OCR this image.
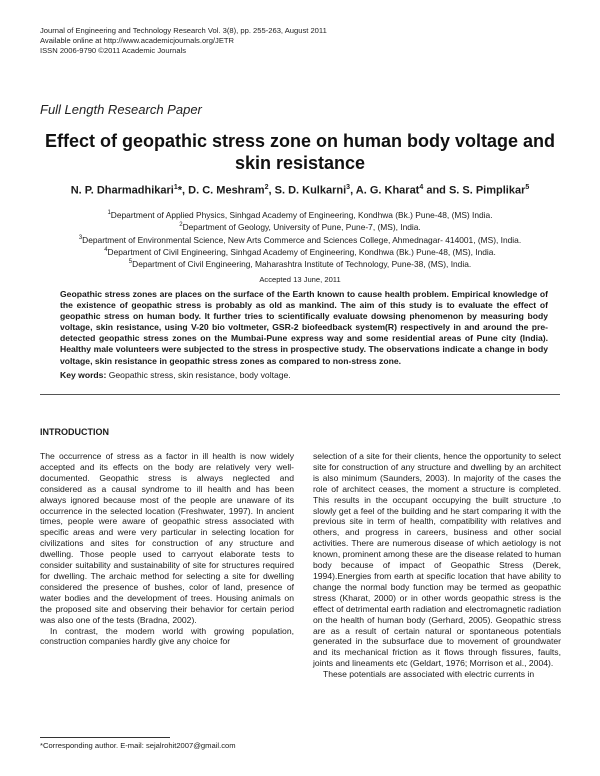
Journal of Engineering and Technology Research Vol. 3(8), pp. 255-263, August 2011
Available online at http://www.academicjournals.org/JETR
ISSN 2006-9790 ©2011 Academic Journals
Full Length Research Paper
Effect of geopathic stress zone on human body voltage and skin resistance
N. P. Dharmadhikari$^1$*, D. C. Meshram$^2$, S. D. Kulkarni$^3$, A. G. Kharat$^4$ and S. S. Pimplikar$^5$
$^1$Department of Applied Physics, Sinhgad Academy of Engineering, Kondhwa (Bk.) Pune-48, (MS) India.
$^2$Department of Geology, University of Pune, Pune-7, (MS), India.
$^3$Department of Environmental Science, New Arts Commerce and Sciences College, Ahmednagar- 414001, (MS), India.
$^4$Department of Civil Engineering, Sinhgad Academy of Engineering, Kondhwa (Bk.) Pune-48, (MS), India.
$^5$Department of Civil Engineering, Maharashtra Institute of Technology, Pune-38, (MS), India.
Accepted 13 June, 2011
Geopathic stress zones are places on the surface of the Earth known to cause health problem. Empirical knowledge of the existence of geopathic stress is probably as old as mankind. The aim of this study is to evaluate the effect of geopathic stress on human body. It further tries to scientifically evaluate dowsing phenomenon by measuring body voltage, skin resistance, using V-20 bio voltmeter, GSR-2 biofeedback system(R) respectively in and around the pre-detected geopathic stress zones on the Mumbai-Pune express way and some residential areas of Pune city (India). Healthy male volunteers were subjected to the stress in prospective study. The observations indicate a change in body voltage, skin resistance in geopathic stress zones as compared to non-stress zone.
Key words: Geopathic stress, skin resistance, body voltage.
INTRODUCTION

The occurrence of stress as a factor in ill health is now widely accepted and its effects on the body are relatively very well-documented. Geopathic stress is always neglected and considered as a causal syndrome to ill health and has been always ignored because most of the people are unaware of its occurrence in the selected location (Freshwater, 1997). In ancient times, people were aware of geopathic stress associated with specific areas and were very particular in selecting location for civilizations and sites for construction of any structure and dwelling. Those people used to carryout elaborate tests to consider suitability and sustainability of site for structures required for dwelling. The archaic method for selecting a site for dwelling considered the presence of bushes, color of land, presence of water bodies and the development of trees. Housing animals on the proposed site and observing their behavior for certain period was also one of the tests (Bradna, 2002).

In contrast, the modern world with growing population, construction companies hardly give any choice for

selection of a site for their clients, hence the opportunity to select site for construction of any structure and dwelling by an architect is also minimum (Saunders, 2003). In majority of the cases the role of architect ceases, the moment a structure is completed. This results in the occupant occupying the built structure ,to slowly get a feel of the building and he start comparing it with the previous site in term of health, compatibility with relatives and others, and progress in careers, business and other social activities. There are numerous disease of which aetiology is not known, prominent among these are the disease related to human body because of impact of Geopathic Stress (Derek, 1994).Energies from earth at specific location that have ability to change the normal body function may be termed as geopathic stress (Kharat, 2000) or in other words geopathic stress is the effect of detrimental earth radiation and electromagnetic radiation on the health of human body (Gerhard, 2005). Geopathic stress are as a result of certain natural or spontaneous potentials generated in the subsurface due to movement of groundwater and its mechanical friction as it flows through fissures, faults, joints and lineaments etc (Geldart, 1976; Morrison et al., 2004).

These potentials are associated with electric currents in

*Corresponding author. E-mail: sejalrohit2007@gmail.com
